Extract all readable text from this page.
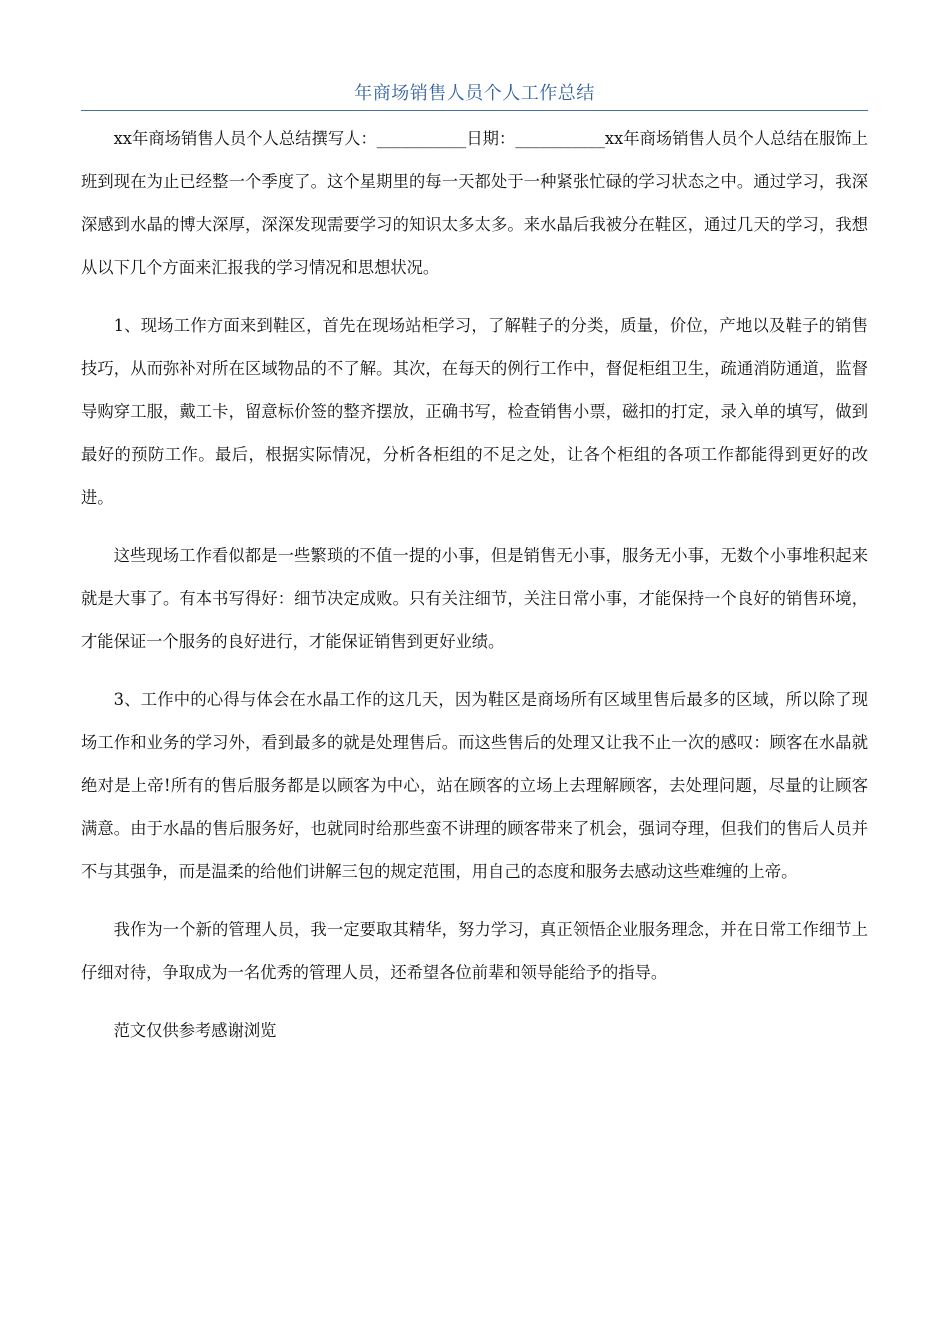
年商场销售人员个人工作总结

xx年商场销售人员个人总结撰写人：___________日期：___________xx年商场销售人员个人总结在服饰上班到现在为止已经整一个季度了。这个星期里的每一天都处于一种紧张忙碌的学习状态之中。通过学习，我深深感到水晶的博大深厚，深深发现需要学习的知识太多太多。来水晶后我被分在鞋区，通过几天的学习，我想从以下几个方面来汇报我的学习情况和思想状况。

1、现场工作方面来到鞋区，首先在现场站柜学习，了解鞋子的分类，质量，价位，产地以及鞋子的销售技巧，从而弥补对所在区域物品的不了解。其次，在每天的例行工作中，督促柜组卫生，疏通消防通道，监督导购穿工服，戴工卡，留意标价签的整齐摆放，正确书写，检查销售小票，磁扣的打定，录入单的填写，做到最好的预防工作。最后，根据实际情况，分析各柜组的不足之处，让各个柜组的各项工作都能得到更好的改进。

这些现场工作看似都是一些繁琐的不值一提的小事，但是销售无小事，服务无小事，无数个小事堆积起来就是大事了。有本书写得好：细节决定成败。只有关注细节，关注日常小事，才能保持一个良好的销售环境，才能保证一个服务的良好进行，才能保证销售到更好业绩。

3、工作中的心得与体会在水晶工作的这几天，因为鞋区是商场所有区域里售后最多的区域，所以除了现场工作和业务的学习外，看到最多的就是处理售后。而这些售后的处理又让我不止一次的感叹：顾客在水晶就绝对是上帝!所有的售后服务都是以顾客为中心，站在顾客的立场上去理解顾客，去处理问题，尽量的让顾客满意。由于水晶的售后服务好，也就同时给那些蛮不讲理的顾客带来了机会，强词夺理，但我们的售后人员并不与其强争，而是温柔的给他们讲解三包的规定范围，用自己的态度和服务去感动这些难缠的上帝。

我作为一个新的管理人员，我一定要取其精华，努力学习，真正领悟企业服务理念，并在日常工作细节上仔细对待，争取成为一名优秀的管理人员，还希望各位前辈和领导能给予的指导。

范文仅供参考感谢浏览
